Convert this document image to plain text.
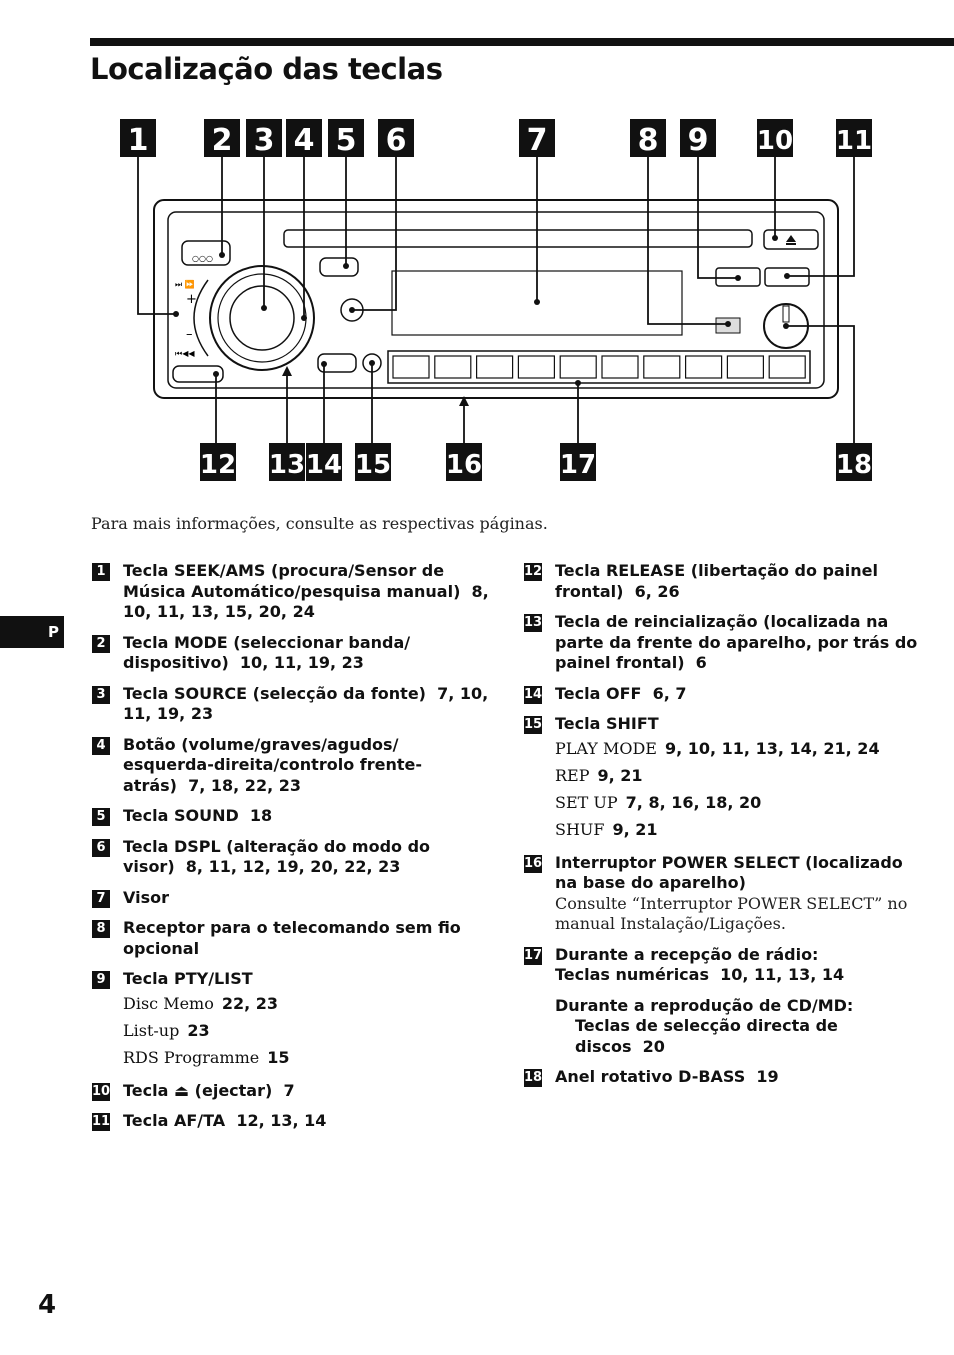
Localização das teclas
○○○
+
–
⏭ ⏩
⏮◀◀
1 2 3 4 5 6	7	8 9 10 11
12 13 14 15 16	17	18
Para mais informações, consulte as respectivas páginas.
P
1 Tecla SEEK/AMS (procura/Sensor de Música Automático/pesquisa manual) 8, 10, 11, 13, 15, 20, 24
2 Tecla MODE (seleccionar banda/ dispositivo) 10, 11, 19, 23
3 Tecla SOURCE (selecção da fonte) 7, 10, 11, 19, 23
4 Botão (volume/graves/agudos/ esquerda-direita/controlo frente-atrás) 7, 18, 22, 23
5 Tecla SOUND 18
6 Tecla DSPL (alteração do modo do visor) 8, 11, 12, 19, 20, 22, 23
7 Visor
8 Receptor para o telecomando sem fio opcional
9 Tecla PTY/LIST
Disc Memo 22, 23
List-up 23
RDS Programme 15
10 Tecla ⏏ (ejectar) 7
11 Tecla AF/TA 12, 13, 14
12 Tecla RELEASE (libertação do painel frontal) 6, 26
13 Tecla de reincialização (localizada na parte da frente do aparelho, por trás do painel frontal) 6
14 Tecla OFF 6, 7
15 Tecla SHIFT
PLAY MODE 9, 10, 11, 13, 14, 21, 24
REP 9, 21
SET UP 7, 8, 16, 18, 20
SHUF 9, 21
16 Interruptor POWER SELECT (localizado na base do aparelho)
Consulte “Interruptor POWER SELECT” no manual Instalação/Ligações.
17 Durante a recepção de rádio:
Teclas numéricas 10, 11, 13, 14
Durante a reprodução de CD/MD:
Teclas de selecção directa de discos 20
18 Anel rotativo D-BASS 19
4
